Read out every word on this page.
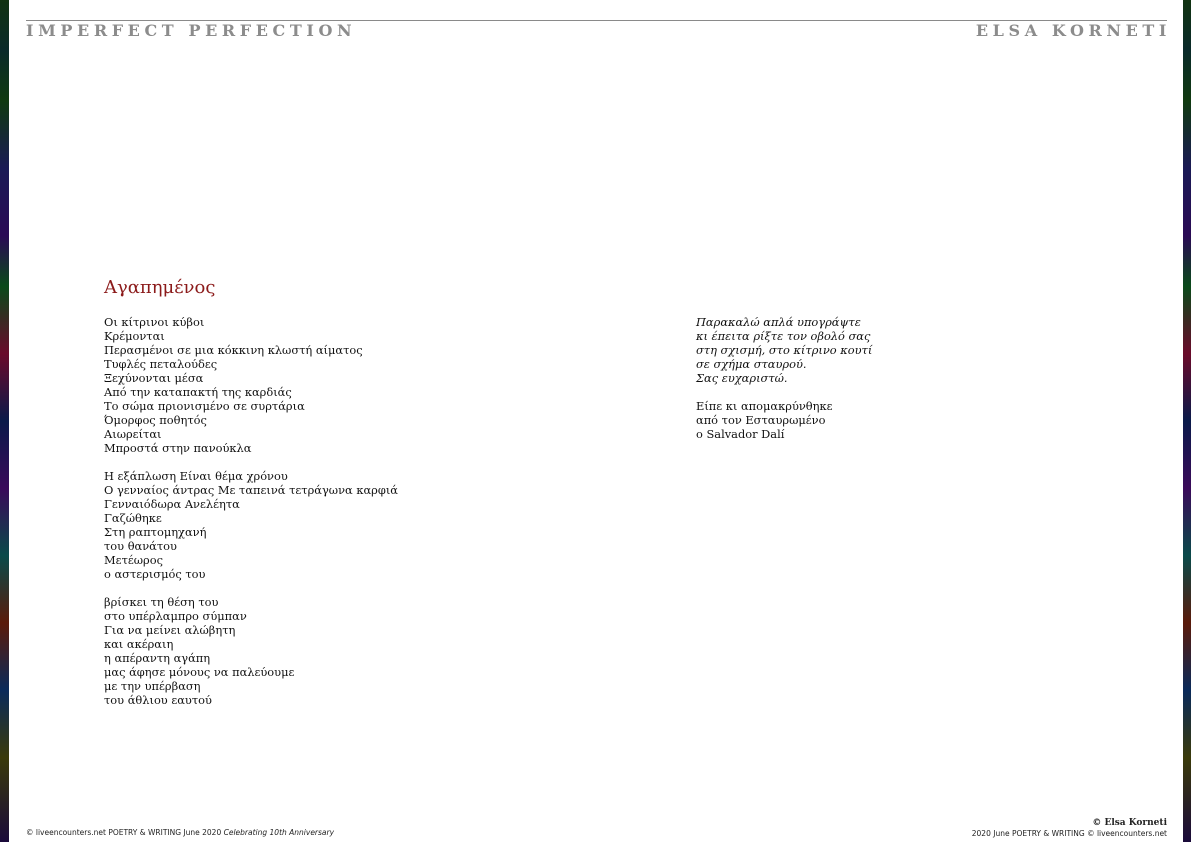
IMPERFECT PERFECTION	ELSA KORNETI
Αγαπημένος
Οι κίτρινοι κύβοι
Κρέμονται
Περασμένοι σε μια κόκκινη κλωστή αίματος
Τυφλές πεταλούδες
Ξεχύνονται μέσα
Από την καταπακτή της καρδιάς
Το σώμα πριονισμένο σε συρτάρια
Όμορφος ποθητός
Αιωρείται
Μπροστά στην πανούκλα
Η εξάπλωση Είναι θέμα χρόνου
Ο γενναίος άντρας Με ταπεινά τετράγωνα καρφιά
Γενναιόδωρα Ανελέητα
Γαζώθηκε
Στη ραπτομηχανή
του θανάτου
Μετέωρος
ο αστερισμός του
βρίσκει τη θέση του
στο υπέρλαμπρο σύμπαν
Για να μείνει αλώβητη
και ακέραιη
η απέραντη αγάπη
μας άφησε μόνους να παλεύουμε
με την υπέρβαση
του άθλιου εαυτού
Παρακαλώ απλά υπογράψτε
κι έπειτα ρίξτε τον οβολό σας
στη σχισμή, στο κίτρινο κουτί
σε σχήμα σταυρού.
Σας ευχαριστώ.
Είπε κι απομακρύνθηκε
από τον Εσταυρωμένο
ο Salvador Dalí
© liveencounters.net POETRY & WRITING June 2020 Celebrating 10th Anniversary
© Elsa Korneti
2020 June POETRY & WRITING © liveencounters.net
